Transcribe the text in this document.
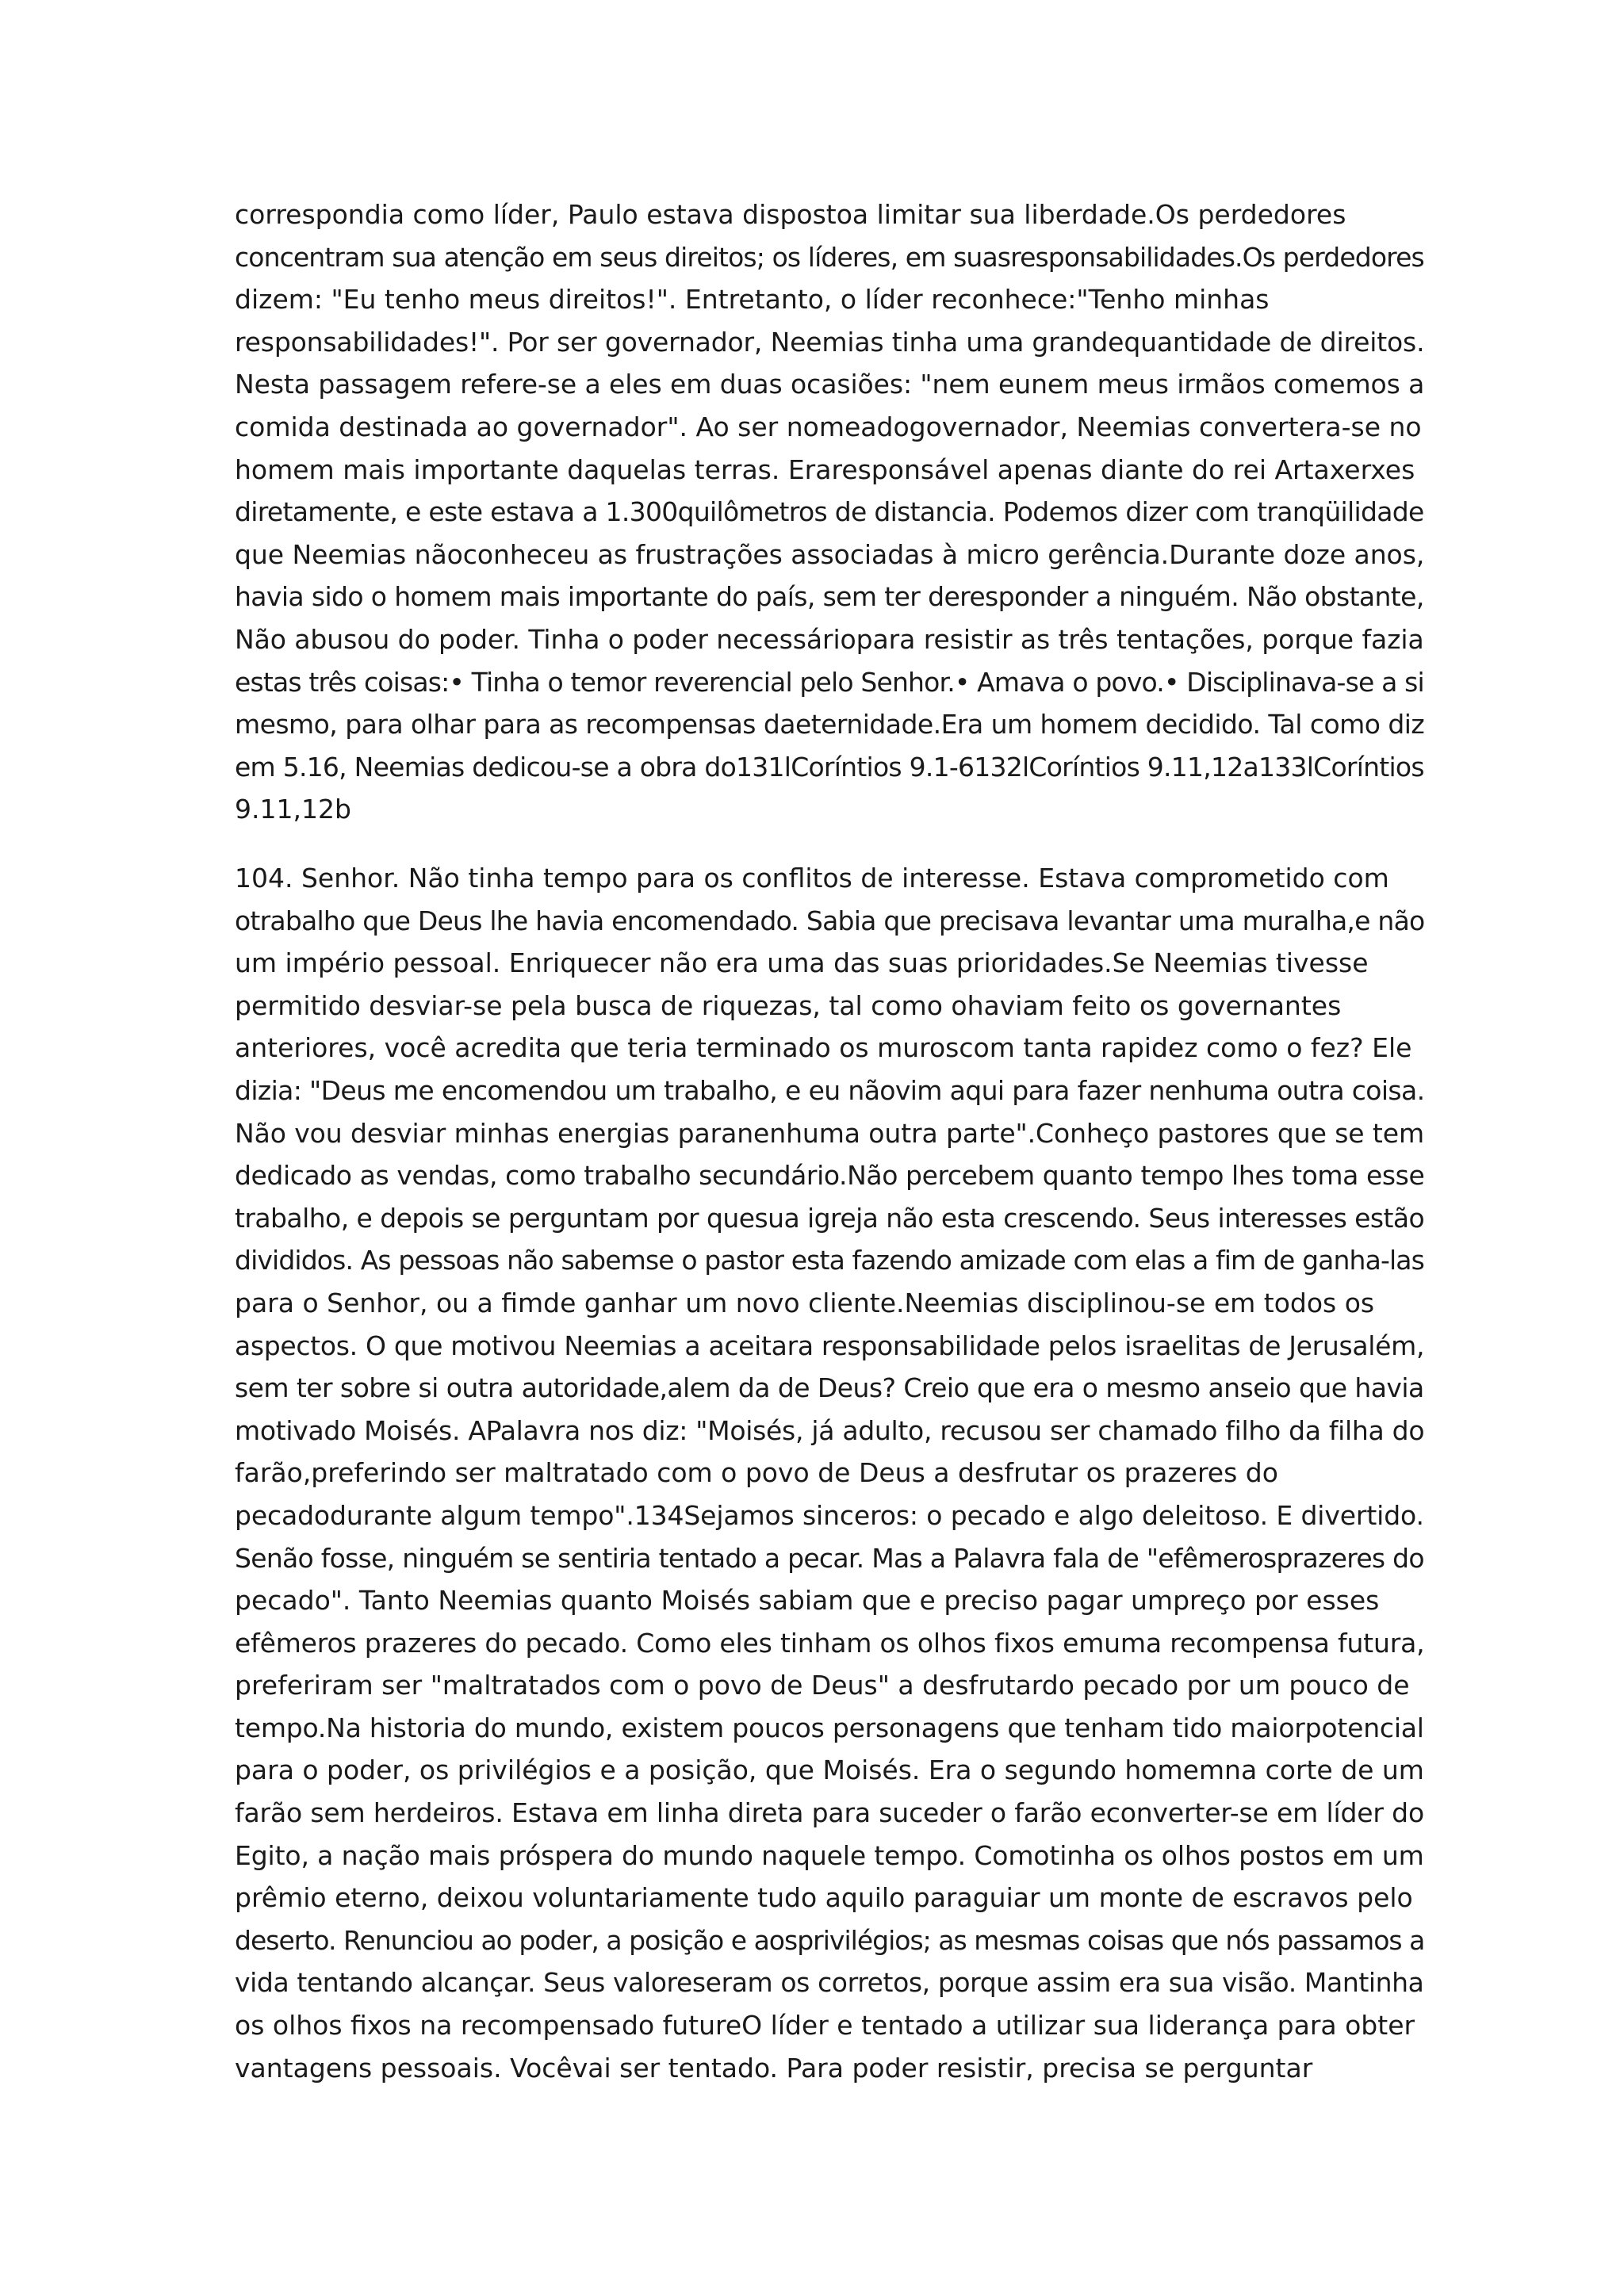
correspondia como líder, Paulo estava dispostoa limitar sua liberdade.Os perdedores
concentram sua atenção em seus direitos; os líderes, em suasresponsabilidades.Os perdedores
dizem: "Eu tenho meus direitos!". Entretanto, o líder reconhece:"Tenho minhas
responsabilidades!". Por ser governador, Neemias tinha uma grandequantidade de direitos.
Nesta passagem refere-se a eles em duas ocasiões: "nem eunem meus irmãos comemos a
comida destinada ao governador". Ao ser nomeadogovernador, Neemias convertera-se no
homem mais importante daquelas terras. Eraresponsável apenas diante do rei Artaxerxes
diretamente, e este estava a 1.300quilômetros de distancia. Podemos dizer com tranqüilidade
que Neemias nãoconheceu as frustrações associadas à micro gerência.Durante doze anos,
havia sido o homem mais importante do país, sem ter deresponder a ninguém. Não obstante,
Não abusou do poder. Tinha o poder necessáriopara resistir as três tentações, porque fazia
estas três coisas:• Tinha o temor reverencial pelo Senhor.• Amava o povo.• Disciplinava-se a si
mesmo, para olhar para as recompensas daeternidade.Era um homem decidido. Tal como diz
em 5.16, Neemias dedicou-se a obra do131lCoríntios 9.1-6132lCoríntios 9.11,12a133lCoríntios
9.11,12b

104. Senhor. Não tinha tempo para os conflitos de interesse. Estava comprometido com
otrabalho que Deus lhe havia encomendado. Sabia que precisava levantar uma muralha,e não
um império pessoal. Enriquecer não era uma das suas prioridades.Se Neemias tivesse
permitido desviar-se pela busca de riquezas, tal como ohaviam feito os governantes
anteriores, você acredita que teria terminado os muroscom tanta rapidez como o fez? Ele
dizia: "Deus me encomendou um trabalho, e eu nãovim aqui para fazer nenhuma outra coisa.
Não vou desviar minhas energias paranenhuma outra parte".Conheço pastores que se tem
dedicado as vendas, como trabalho secundário.Não percebem quanto tempo lhes toma esse
trabalho, e depois se perguntam por quesua igreja não esta crescendo. Seus interesses estão
divididos. As pessoas não sabemse o pastor esta fazendo amizade com elas a fim de ganha-las
para o Senhor, ou a fimde ganhar um novo cliente.Neemias disciplinou-se em todos os
aspectos. O que motivou Neemias a aceitara responsabilidade pelos israelitas de Jerusalém,
sem ter sobre si outra autoridade,alem da de Deus? Creio que era o mesmo anseio que havia
motivado Moisés. APalavra nos diz: "Moisés, já adulto, recusou ser chamado filho da filha do
farão,preferindo ser maltratado com o povo de Deus a desfrutar os prazeres do
pecadodurante algum tempo".134Sejamos sinceros: o pecado e algo deleitoso. E divertido.
Senão fosse, ninguém se sentiria tentado a pecar. Mas a Palavra fala de "efêmerosprazeres do
pecado". Tanto Neemias quanto Moisés sabiam que e preciso pagar umpreço por esses
efêmeros prazeres do pecado. Como eles tinham os olhos fixos emuma recompensa futura,
preferiram ser "maltratados com o povo de Deus" a desfrutardo pecado por um pouco de
tempo.Na historia do mundo, existem poucos personagens que tenham tido maiorpotencial
para o poder, os privilégios e a posição, que Moisés. Era o segundo homemna corte de um
farão sem herdeiros. Estava em linha direta para suceder o farão econverter-se em líder do
Egito, a nação mais próspera do mundo naquele tempo. Comotinha os olhos postos em um
prêmio eterno, deixou voluntariamente tudo aquilo paraguiar um monte de escravos pelo
deserto. Renunciou ao poder, a posição e aosprivilégios; as mesmas coisas que nós passamos a
vida tentando alcançar. Seus valoreseram os corretos, porque assim era sua visão. Mantinha
os olhos fixos na recompensado futureO líder e tentado a utilizar sua liderança para obter
vantagens pessoais. Vocêvai ser tentado. Para poder resistir, precisa se perguntar
